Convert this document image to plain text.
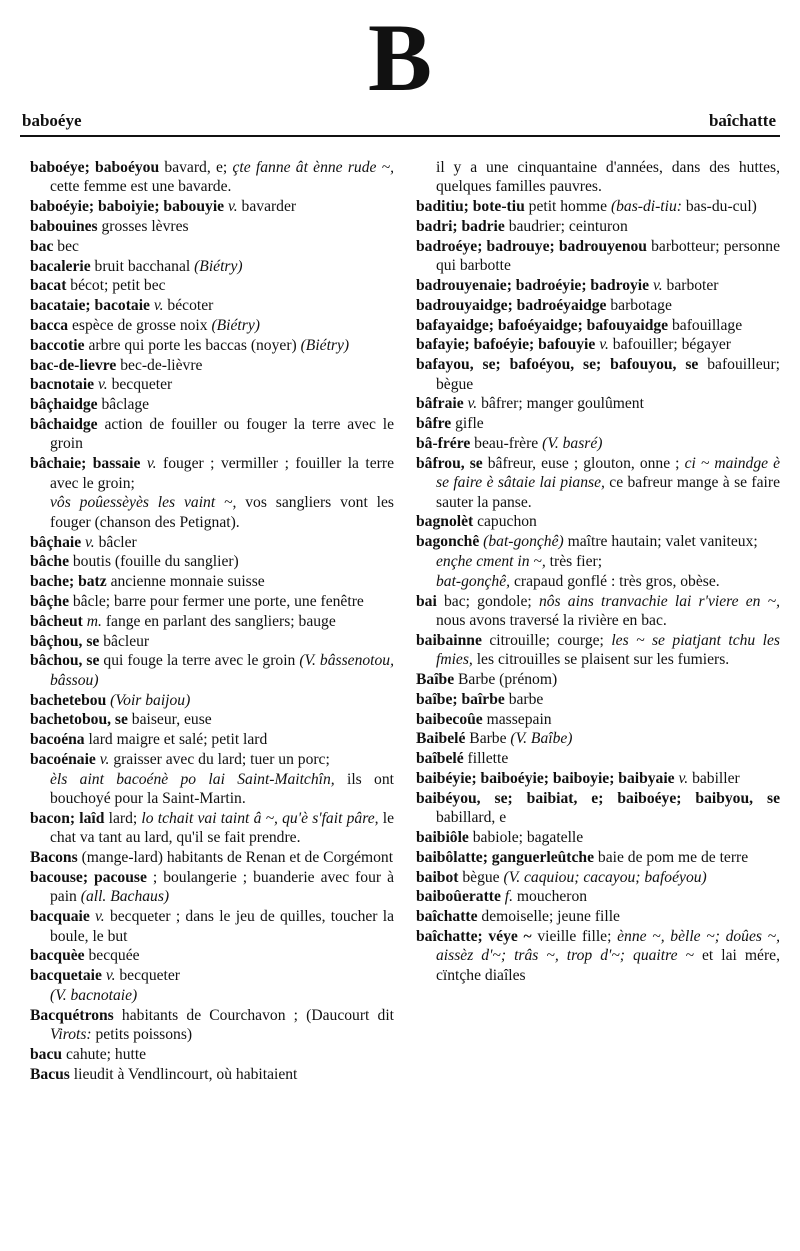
B
baboéye	baîchatte
baboéye; baboéyou bavard, e; çte fanne ât ènne rude ~, cette femme est une bavarde.
baboéyie; baboiyie; babouyie v. bavarder
babouines grosses lèvres
bac bec
bacalerie bruit bacchanal (Biétry)
bacat bécot; petit bec
bacataie; bacotaie v. bécoter
bacca espèce de grosse noix (Biétry)
baccotie arbre qui porte les baccas (noyer) (Biétry)
bac-de-lievre bec-de-lièvre
bacnotaie v. becqueter
bâçhaidge bâclage
bâchaidge action de fouiller ou fouger la terre avec le groin
bâchaie; bassaie v. fouger ; vermiller ; fouiller la terre avec le groin;
vôs poûessèyès les vaint ~, vos sangliers vont les fouger (chanson des Petignat).
bâçhaie v. bâcler
bâche boutis (fouille du sanglier)
bache; batz ancienne monnaie suisse
bâçhe bâcle; barre pour fermer une porte, une fenêtre
bâcheut m. fange en parlant des sangliers; bauge
bâçhou, se bâcleur
bâchou, se qui fouge la terre avec le groin (V. bâssenotou, bâssou)
bachetebou (Voir baijou)
bachetobou, se baiseur, euse
bacoéna lard maigre et salé; petit lard
bacoénaie v. graisser avec du lard; tuer un porc;
èls aint bacoénè po lai Saint-Maitchîn, ils ont bouchoyé pour la Saint-Martin.
bacon; laîd lard; lo tchait vai taint â ~, qu'è s'fait pâre, le chat va tant au lard, qu'il se fait prendre.
Bacons (mange-lard) habitants de Renan et de Corgémont
bacouse; pacouse ; boulangerie ; buanderie avec four à pain (all. Bachaus)
bacquaie v. becqueter ; dans le jeu de quilles, toucher la boule, le but
bacquèe becquée
bacquetaie v. becqueter
(V. bacnotaie)
Bacquétrons habitants de Courchavon ; (Daucourt dit Virots: petits poissons)
bacu cahute; hutte
Bacus lieudit à Vendlincourt, où habitaient
il y a une cinquantaine d'années, dans des huttes, quelques familles pauvres.
baditiu; bote-tiu petit homme (bas-di-tiu: bas-du-cul)
badri; badrie baudrier; ceinturon
badroéye; badrouye; badrouyenou barbotteur; personne qui barbotte
badrouyenaie; badroéyie; badroyie v. barboter
badrouyaidge; badroéyaidge barbotage
bafayaidge; bafoéyaidge; bafouyaidge bafouillage
bafayie; bafoéyie; bafouyie v. bafouiller; bégayer
bafayou, se; bafoéyou, se; bafouyou, se bafouilleur; bègue
bâfraie v. bâfrer; manger goulûment
bâfre gifle
bâ-frére beau-frère (V. basré)
bâfrou, se bâfreur, euse ; glouton, onne ; ci ~ maindge è se faire è sâtaie lai pianse, ce bafreur mange à se faire sauter la panse.
bagnolèt capuchon
bagonchê (bat-gonçhê) maître hautain; valet vaniteux;
ençhe cment in ~, très fier;
bat-gonçhê, crapaud gonflé : très gros, obèse.
bai bac; gondole; nôs ains tranvachie lai r'viere en ~, nous avons traversé la rivière en bac.
baibainne citrouille; courge; les ~ se piatjant tchu les fmies, les citrouilles se plaisent sur les fumiers.
Baîbe Barbe (prénom)
baîbe; baîrbe barbe
baibecoûe massepain
Baibelé Barbe (V. Baîbe)
baîbelé fillette
baibéyie; baiboéyie; baiboyie; baibyaie v. babiller
baibéyou, se; baibiat, e; baiboéye; baibyou, se babillard, e
baibiôle babiole; bagatelle
baibôlatte; ganguerleûtche baie de pom me de terre
baibot bègue (V. caquiou; cacayou; bafoéyou)
baiboûeratte f. moucheron
baîchatte demoiselle; jeune fille
baîchatte; véye ~ vieille fille; ènne ~, bèlle ~; doûes ~, aissèz d'~; trâs ~, trop d'~; quaitre ~ et lai mére, cïntçhe diaîles
